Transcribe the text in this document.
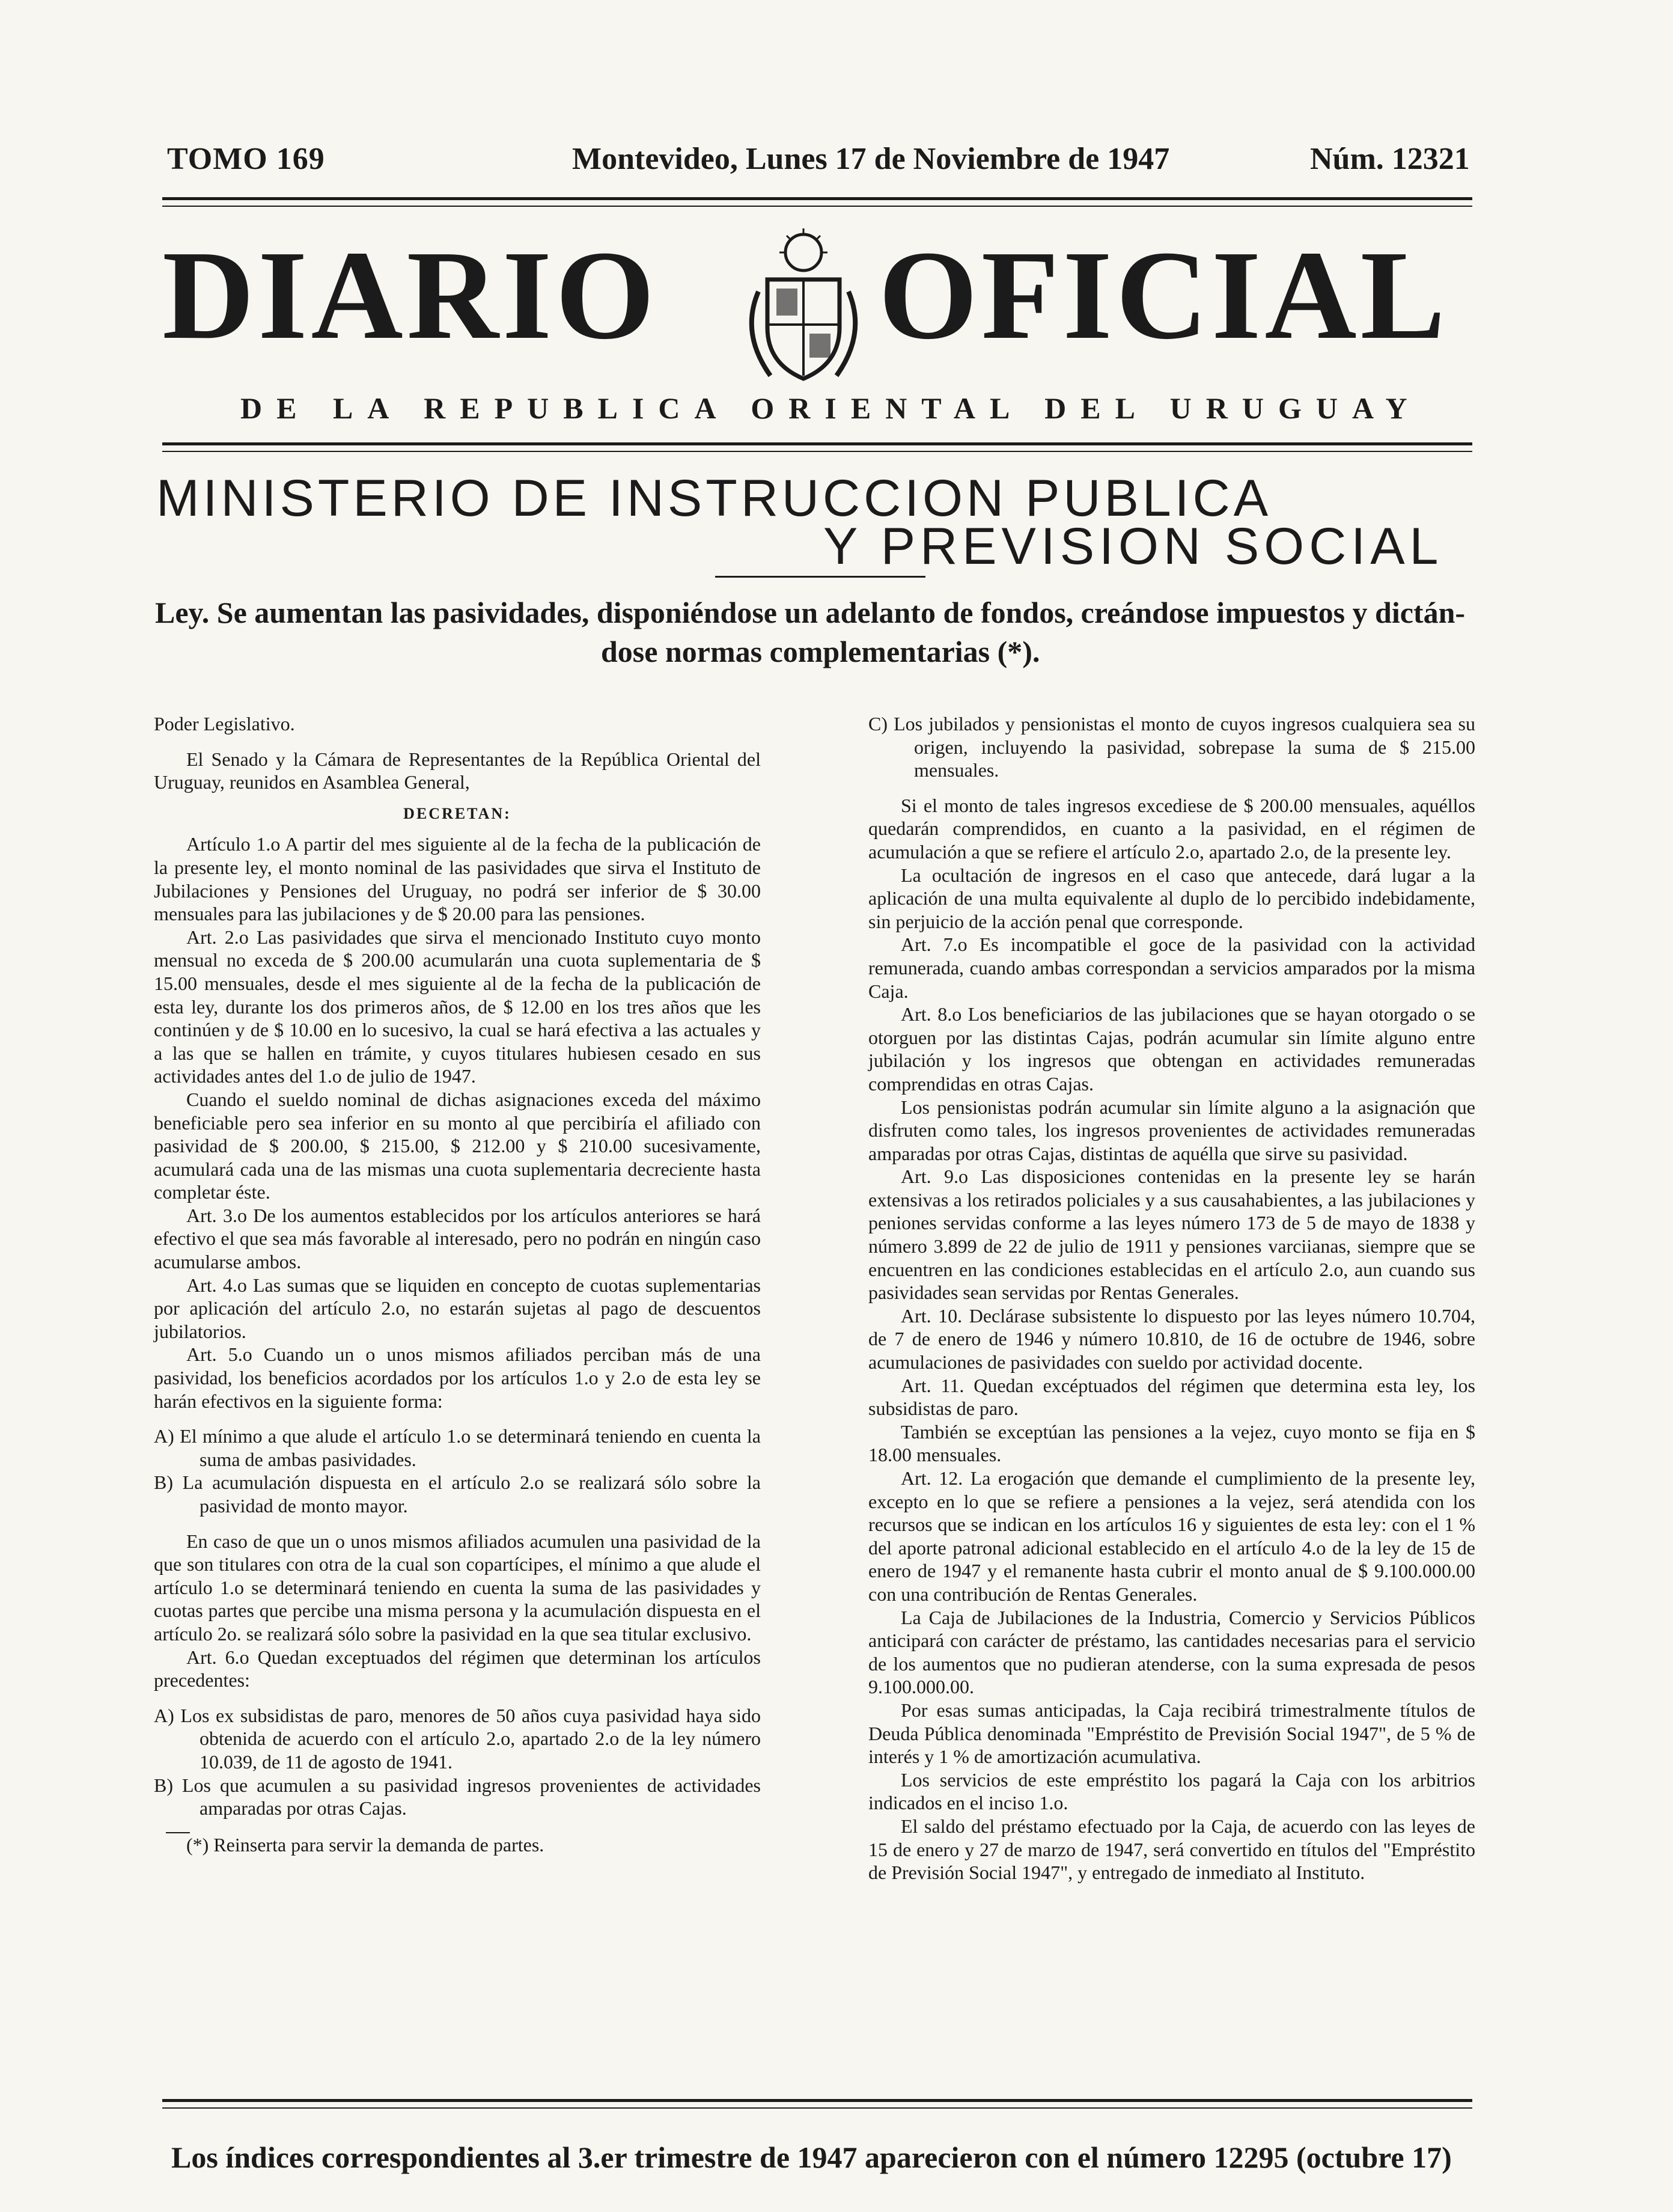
TOMO 169	Montevideo, Lunes 17 de Noviembre de 1947	Núm. 12321
DIARIO OFICIAL
DE LA REPUBLICA ORIENTAL DEL URUGUAY
MINISTERIO DE INSTRUCCION PUBLICA
Y PREVISION SOCIAL
Ley. Se aumentan las pasividades, disponiéndose un adelanto de fondos, creándose impuestos y dictán-
dose normas complementarias (*).

Poder Legislativo.

El Senado y la Cámara de Representantes de la República Oriental del Uruguay, reunidos en Asamblea General,

DECRETAN:

Artículo 1.o A partir del mes siguiente al de la fecha de la publicación de la presente ley, el monto nominal de las pasividades que sirva el Instituto de Jubilaciones y Pensiones del Uruguay, no podrá ser inferior de $ 30.00 mensuales para las jubilaciones y de $ 20.00 para las pensiones.

Art. 2.o Las pasividades que sirva el mencionado Instituto cuyo monto mensual no exceda de $ 200.00 acumularán una cuota suplementaria de $ 15.00 mensuales, desde el mes siguiente al de la fecha de la publicación de esta ley, durante los dos primeros años, de $ 12.00 en los tres años que les continúen y de $ 10.00 en lo sucesivo, la cual se hará efectiva a las actuales y a las que se hallen en trámite, y cuyos titulares hubiesen cesado en sus actividades antes del 1.o de julio de 1947.

Cuando el sueldo nominal de dichas asignaciones exceda del máximo beneficiable pero sea inferior en su monto al que percibiría el afiliado con pasividad de $ 200.00, $ 215.00, $ 212.00 y $ 210.00 sucesivamente, acumulará cada una de las mismas una cuota suplementaria decreciente hasta completar éste.

Art. 3.o De los aumentos establecidos por los artículos anteriores se hará efectivo el que sea más favorable al interesado, pero no podrán en ningún caso acumularse ambos.

Art. 4.o Las sumas que se liquiden en concepto de cuotas suplementarias por aplicación del artículo 2.o, no estarán sujetas al pago de descuentos jubilatorios.

Art. 5.o Cuando un o unos mismos afiliados perciban más de una pasividad, los beneficios acordados por los artículos 1.o y 2.o de esta ley se harán efectivos en la siguiente forma:

A) El mínimo a que alude el artículo 1.o se determinará teniendo en cuenta la suma de ambas pasividades.

B) La acumulación dispuesta en el artículo 2.o se realizará sólo sobre la pasividad de monto mayor.

En caso de que un o unos mismos afiliados acumulen una pasividad de la que son titulares con otra de la cual son copartícipes, el mínimo a que alude el artículo 1.o se determinará teniendo en cuenta la suma de las pasividades y cuotas partes que percibe una misma persona y la acumulación dispuesta en el artículo 2o. se realizará sólo sobre la pasividad en la que sea titular exclusivo.

Art. 6.o Quedan exceptuados del régimen que determinan los artículos precedentes:

A) Los ex subsidistas de paro, menores de 50 años cuya pasividad haya sido obtenida de acuerdo con el artículo 2.o, apartado 2.o de la ley número 10.039, de 11 de agosto de 1941.

B) Los que acumulen a su pasividad ingresos provenientes de actividades amparadas por otras Cajas.

(*) Reinserta para servir la demanda de partes.

C) Los jubilados y pensionistas el monto de cuyos ingresos cualquiera sea su origen, incluyendo la pasividad, sobrepase la suma de $ 215.00 mensuales.

Si el monto de tales ingresos excediese de $ 200.00 mensuales, aquéllos quedarán comprendidos, en cuanto a la pasividad, en el régimen de acumulación a que se refiere el artículo 2.o, apartado 2.o, de la presente ley.

La ocultación de ingresos en el caso que antecede, dará lugar a la aplicación de una multa equivalente al duplo de lo percibido indebidamente, sin perjuicio de la acción penal que corresponde.

Art. 7.o Es incompatible el goce de la pasividad con la actividad remunerada, cuando ambas correspondan a servicios amparados por la misma Caja.

Art. 8.o Los beneficiarios de las jubilaciones que se hayan otorgado o se otorguen por las distintas Cajas, podrán acumular sin límite alguno entre jubilación y los ingresos que obtengan en actividades remuneradas comprendidas en otras Cajas.

Los pensionistas podrán acumular sin límite alguno a la asignación que disfruten como tales, los ingresos provenientes de actividades remuneradas amparadas por otras Cajas, distintas de aquélla que sirve su pasividad.

Art. 9.o Las disposiciones contenidas en la presente ley se harán extensivas a los retirados policiales y a sus causahabientes, a las jubilaciones y peniones servidas conforme a las leyes número 173 de 5 de mayo de 1838 y número 3.899 de 22 de julio de 1911 y pensiones varciianas, siempre que se encuentren en las condiciones establecidas en el artículo 2.o, aun cuando sus pasividades sean servidas por Rentas Generales.

Art. 10. Declárase subsistente lo dispuesto por las leyes número 10.704, de 7 de enero de 1946 y número 10.810, de 16 de octubre de 1946, sobre acumulaciones de pasividades con sueldo por actividad docente.

Art. 11. Quedan excéptuados del régimen que determina esta ley, los subsidistas de paro.

También se exceptúan las pensiones a la vejez, cuyo monto se fija en $ 18.00 mensuales.

Art. 12. La erogación que demande el cumplimiento de la presente ley, excepto en lo que se refiere a pensiones a la vejez, será atendida con los recursos que se indican en los artículos 16 y siguientes de esta ley: con el 1 % del aporte patronal adicional establecido en el artículo 4.o de la ley de 15 de enero de 1947 y el remanente hasta cubrir el monto anual de $ 9.100.000.00 con una contribución de Rentas Generales.

La Caja de Jubilaciones de la Industria, Comercio y Servicios Públicos anticipará con carácter de préstamo, las cantidades necesarias para el servicio de los aumentos que no pudieran atenderse, con la suma expresada de pesos 9.100.000.00.

Por esas sumas anticipadas, la Caja recibirá trimestralmente títulos de Deuda Pública denominada "Empréstito de Previsión Social 1947", de 5 % de interés y 1 % de amortización acumulativa.

Los servicios de este empréstito los pagará la Caja con los arbitrios indicados en el inciso 1.o.

El saldo del préstamo efectuado por la Caja, de acuerdo con las leyes de 15 de enero y 27 de marzo de 1947, será convertido en títulos del "Empréstito de Previsión Social 1947", y entregado de inmediato al Instituto.

Los índices correspondientes al 3.er trimestre de 1947 aparecieron con el número 12295 (octubre 17)
